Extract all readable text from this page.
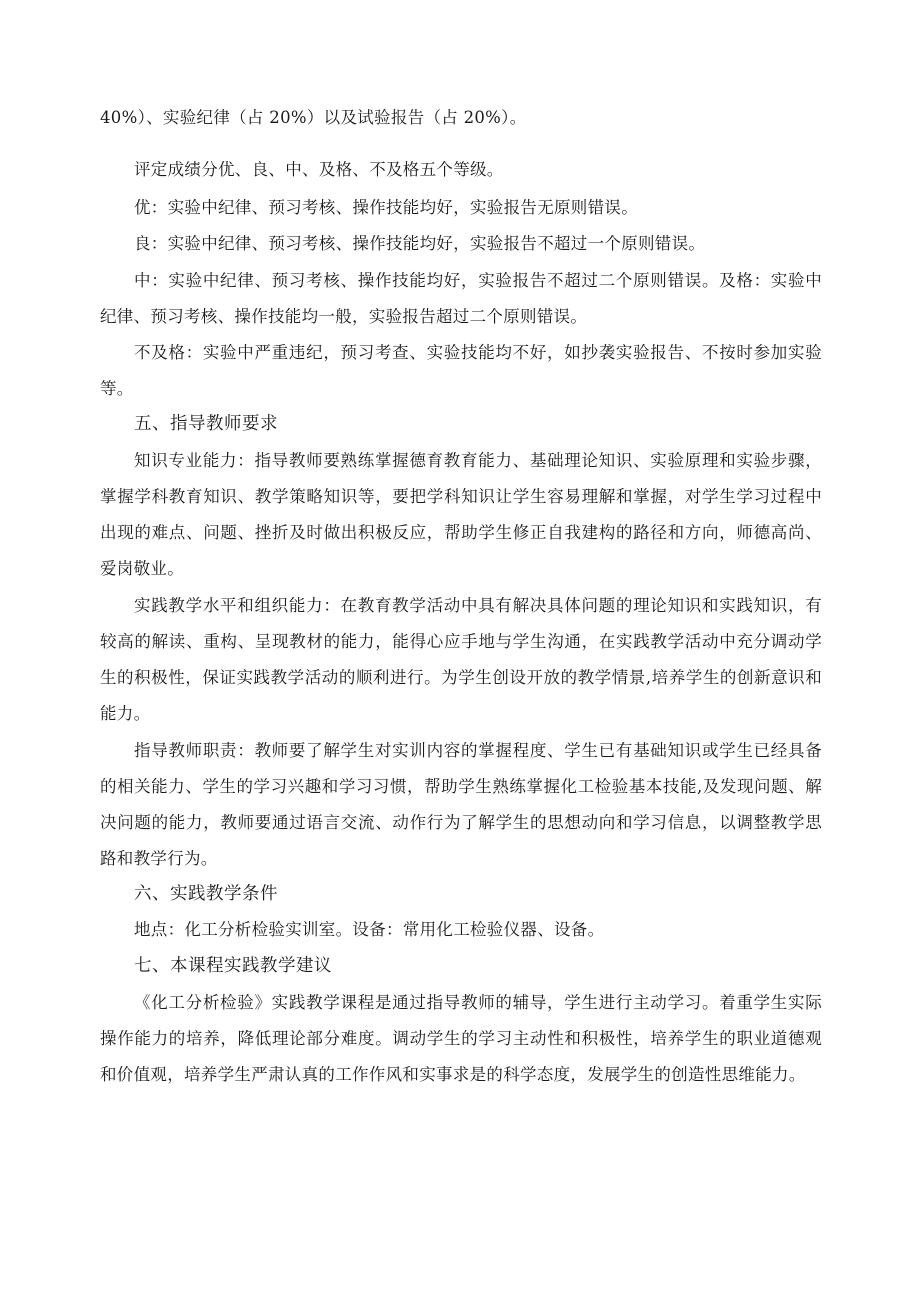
40%）、实验纪律（占 20%）以及试验报告（占 20%）。

评定成绩分优、良、中、及格、不及格五个等级。

优：实验中纪律、预习考核、操作技能均好，实验报告无原则错误。

良：实验中纪律、预习考核、操作技能均好，实验报告不超过一个原则错误。

中：实验中纪律、预习考核、操作技能均好，实验报告不超过二个原则错误。及格：实验中纪律、预习考核、操作技能均一般，实验报告超过二个原则错误。

不及格：实验中严重违纪，预习考查、实验技能均不好，如抄袭实验报告、不按时参加实验等。

五、指导教师要求

知识专业能力：指导教师要熟练掌握德育教育能力、基础理论知识、实验原理和实验步骤，掌握学科教育知识、教学策略知识等，要把学科知识让学生容易理解和掌握，对学生学习过程中出现的难点、问题、挫折及时做出积极反应，帮助学生修正自我建构的路径和方向，师德高尚、爱岗敬业。

实践教学水平和组织能力：在教育教学活动中具有解决具体问题的理论知识和实践知识，有较高的解读、重构、呈现教材的能力，能得心应手地与学生沟通，在实践教学活动中充分调动学生的积极性，保证实践教学活动的顺利进行。为学生创设开放的教学情景,培养学生的创新意识和能力。

指导教师职责：教师要了解学生对实训内容的掌握程度、学生已有基础知识或学生已经具备的相关能力、学生的学习兴趣和学习习惯，帮助学生熟练掌握化工检验基本技能,及发现问题、解决问题的能力，教师要通过语言交流、动作行为了解学生的思想动向和学习信息，以调整教学思路和教学行为。

六、实践教学条件

地点：化工分析检验实训室。设备：常用化工检验仪器、设备。

七、本课程实践教学建议

《化工分析检验》实践教学课程是通过指导教师的辅导，学生进行主动学习。着重学生实际操作能力的培养，降低理论部分难度。调动学生的学习主动性和积极性，培养学生的职业道德观和价值观，培养学生严肃认真的工作作风和实事求是的科学态度，发展学生的创造性思维能力。
